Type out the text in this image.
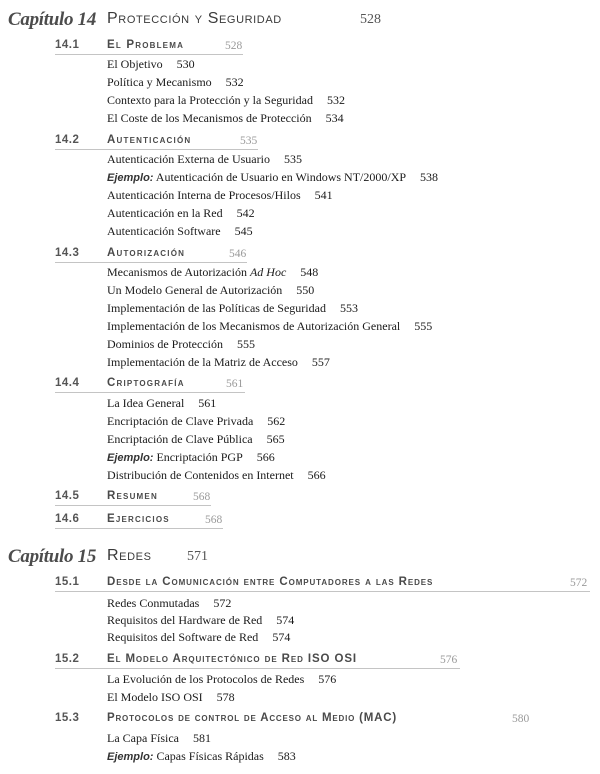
Capítulo 14 Protección y Seguridad	528
14.1 El Problema	528
El Objetivo 530
Política y Mecanismo 532
Contexto para la Protección y la Seguridad 532
El Coste de los Mecanismos de Protección 534
14.2 Autenticación	535
Autenticación Externa de Usuario 535
Ejemplo: Autenticación de Usuario en Windows NT/2000/XP 538
Autenticación Interna de Procesos/Hilos 541
Autenticación en la Red 542
Autenticación Software 545
14.3 Autorización	546
Mecanismos de Autorización Ad Hoc 548
Un Modelo General de Autorización 550
Implementación de las Políticas de Seguridad 553
Implementación de los Mecanismos de Autorización General 555
Dominios de Protección 555
Implementación de la Matriz de Acceso 557
14.4 Criptografía	561
La Idea General 561
Encriptación de Clave Privada 562
Encriptación de Clave Pública 565
Ejemplo: Encriptación PGP 566
Distribución de Contenidos en Internet 566
14.5 Resumen	568
14.6 Ejercicios	568
Capítulo 15 Redes	571
15.1 Desde la Comunicación entre Computadores a las Redes	572
Redes Conmutadas 572
Requisitos del Hardware de Red 574
Requisitos del Software de Red 574
15.2 El Modelo Arquitectónico de Red ISO OSI	576
La Evolución de los Protocolos de Redes 576
El Modelo ISO OSI 578
15.3 Protocolos de control de Acceso al Medio (MAC)	580
La Capa Física 581
Ejemplo: Capas Físicas Rápidas 583
